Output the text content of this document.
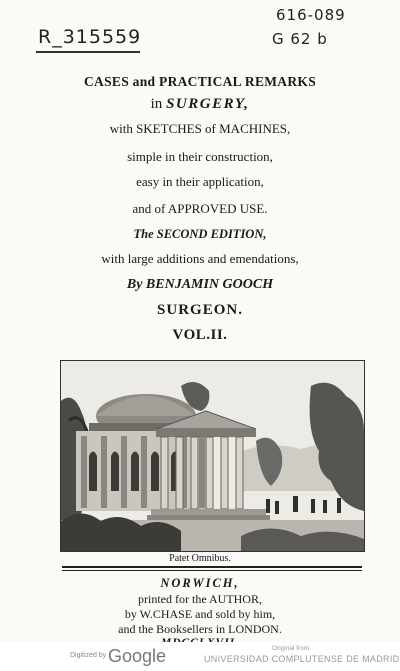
R_315559
616-089
G 62 b
CASES and PRACTICAL REMARKS
in SURGERY,
with SKETCHES of MACHINES,
simple in their construction,
easy in their application,
and of APPROVED USE.
The SECOND EDITION,
with large additions and emendations,
By BENJAMIN GOOCH
SURGEON.
VOL.II.
Patet Omnibus.
NORWICH,
printed for the AUTHOR,
by W.CHASE and sold by him,
and the Booksellers in LONDON.
Digitized by Google	Original from
UNIVERSIDAD COMPLUTENSE DE MADRID
